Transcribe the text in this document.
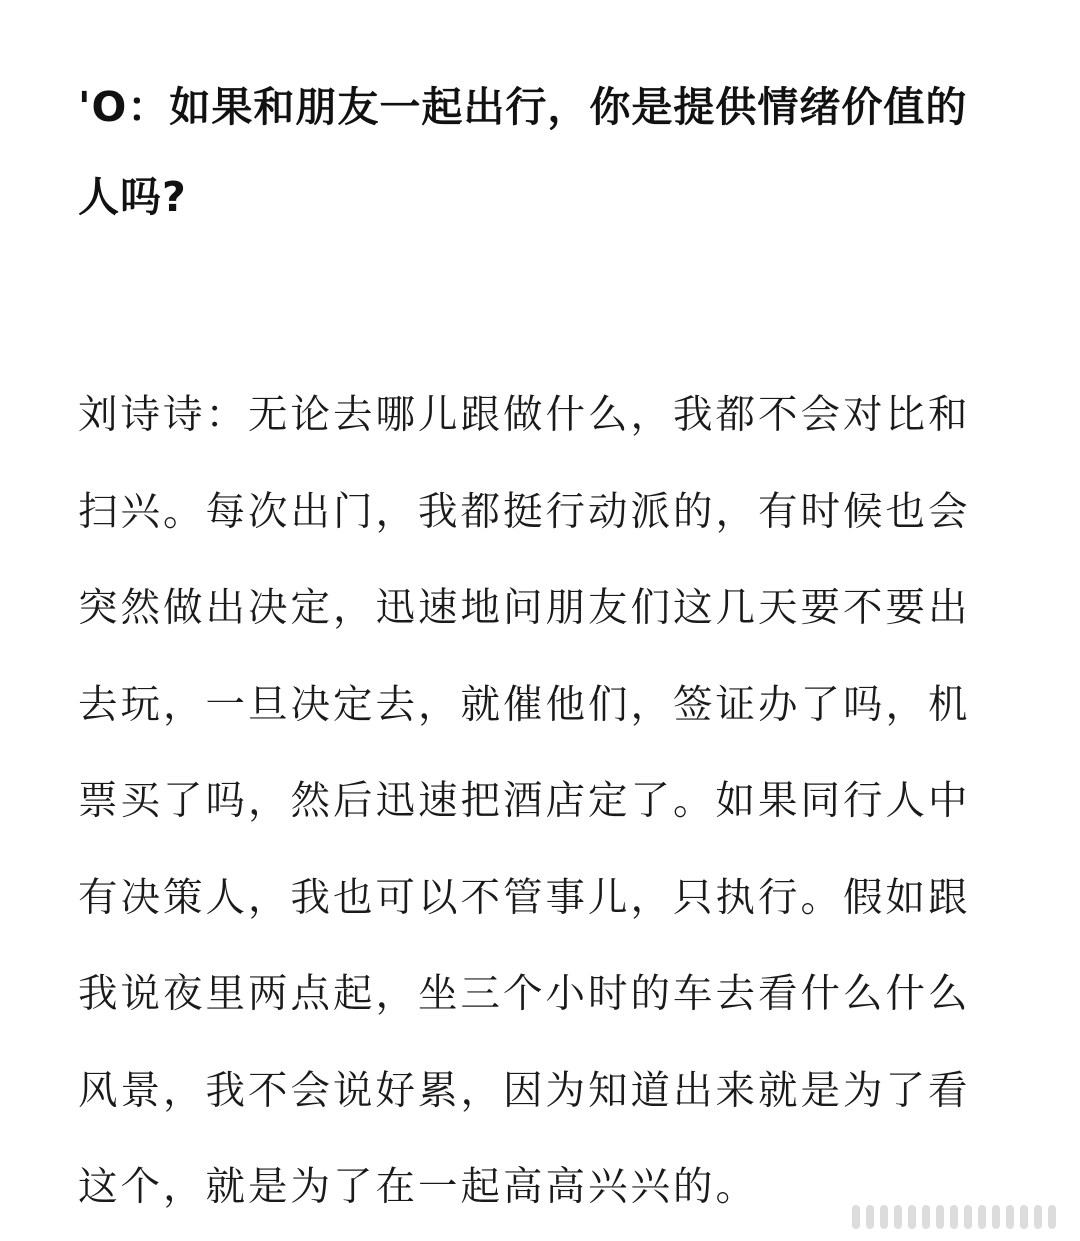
'O：如果和朋友一起出行，你是提供情绪价值的
人吗?

刘诗诗：无论去哪儿跟做什么，我都不会对比和
扫兴。每次出门，我都挺行动派的，有时候也会
突然做出决定，迅速地问朋友们这几天要不要出
去玩，一旦决定去，就催他们，签证办了吗，机
票买了吗，然后迅速把酒店定了。如果同行人中
有决策人，我也可以不管事儿，只执行。假如跟
我说夜里两点起，坐三个小时的车去看什么什么
风景，我不会说好累，因为知道出来就是为了看
这个，就是为了在一起高高兴兴的。
